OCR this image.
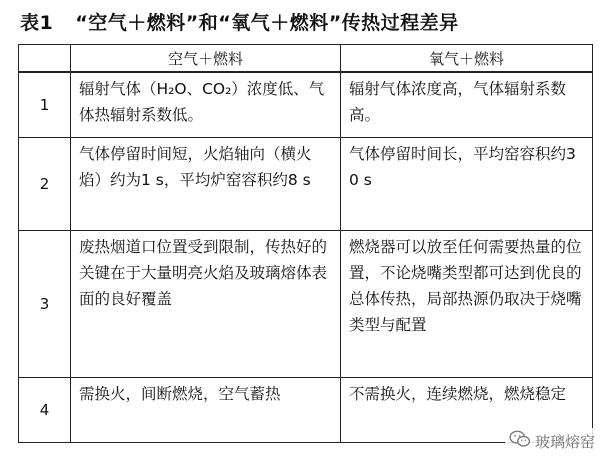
表1 “空气＋燃料”和“氧气＋燃料”传热过程差异
	空气＋燃料	氧气＋燃料
1	辐射气体（H₂O、CO₂）浓度低、气体热辐射系数低。	辐射气体浓度高，气体辐射系数高。
2	气体停留时间短，火焰轴向（横火焰）约为1 s，平均炉窑容积约8 s	气体停留时间长，平均窑容积约30 s
3	废热烟道口位置受到限制，传热好的关键在于大量明亮火焰及玻璃熔体表面的良好覆盖	燃烧器可以放至任何需要热量的位置，不论烧嘴类型都可达到优良的总体传热，局部热源仍取决于烧嘴类型与配置
4	需换火，间断燃烧，空气蓄热	不需换火，连续燃烧，燃烧稳定
玻璃熔窑
